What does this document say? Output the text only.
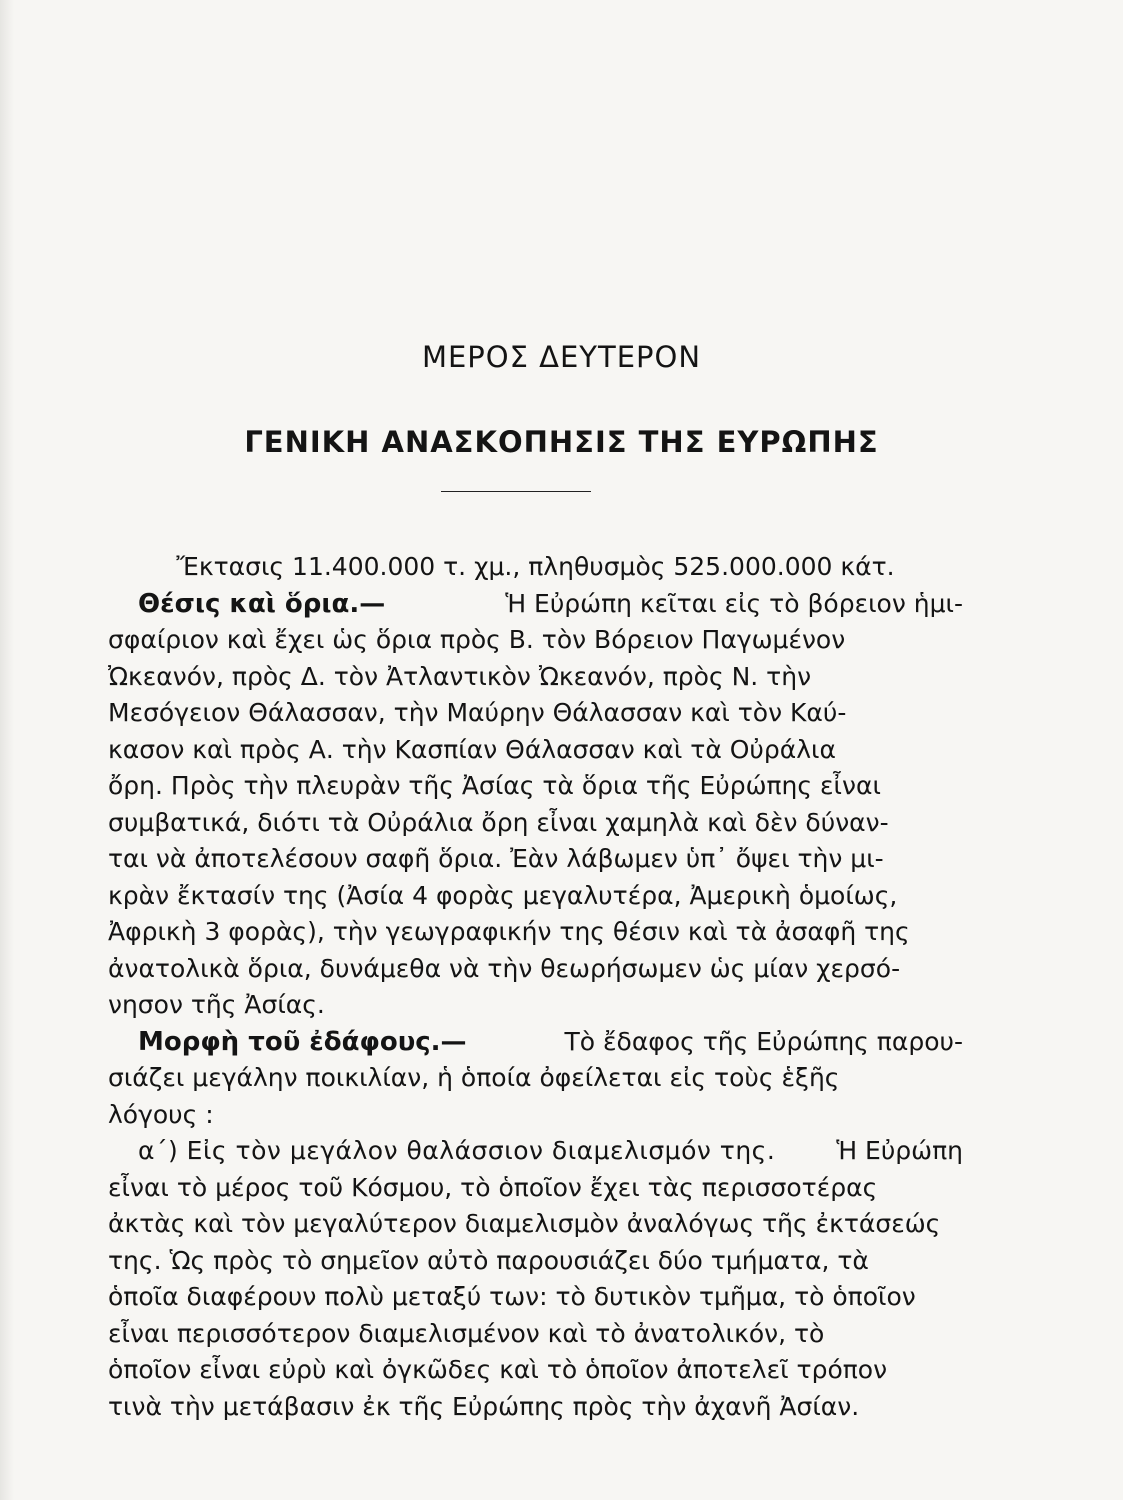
ΜΕΡΟΣ ΔΕΥΤΕΡΟΝ
ΓΕΝΙΚΗ ΑΝΑΣΚΟΠΗΣΙΣ ΤΗΣ ΕΥΡΩΠΗΣ
Ἔκτασις 11.400.000 τ. χμ., πληθυσμὸς 525.000.000 κάτ.
Θέσις καὶ ὅρια.—	Ἡ Εὐρώπη κεῖται εἰς τὸ βόρειον ἡμι-
σφαίριον καὶ ἔχει ὡς ὅρια πρὸς Β. τὸν Βόρειον Παγωμένον
Ὠκεανόν, πρὸς Δ. τὸν Ἀτλαντικὸν Ὠκεανόν, πρὸς Ν. τὴν
Μεσόγειον Θάλασσαν, τὴν Μαύρην Θάλασσαν καὶ τὸν Καύ-
κασον καὶ πρὸς Α. τὴν Κασπίαν Θάλασσαν καὶ τὰ Οὐράλια
ὄρη. Πρὸς τὴν πλευρὰν τῆς Ἀσίας τὰ ὅρια τῆς Εὐρώπης εἶναι
συμβατικά, διότι τὰ Οὐράλια ὄρη εἶναι χαμηλὰ καὶ δὲν δύναν-
ται νὰ ἀποτελέσουν σαφῆ ὅρια. Ἐὰν λάβωμεν ὑπ᾽ ὄψει τὴν μι-
κρὰν ἔκτασίν της (Ἀσία 4 φορὰς μεγαλυτέρα, Ἀμερικὴ ὁμοίως,
Ἀφρικὴ 3 φορὰς), τὴν γεωγραφικήν της θέσιν καὶ τὰ ἀσαφῆ της
ἀνατολικὰ ὅρια, δυνάμεθα νὰ τὴν θεωρήσωμεν ὡς μίαν χερσό-
νησον τῆς Ἀσίας.
Μορφὴ τοῦ ἐδάφους.—	Τὸ ἔδαφος τῆς Εὐρώπης παρου-
σιάζει μεγάλην ποικιλίαν, ἡ ὁποία ὀφείλεται εἰς τοὺς ἑξῆς
λόγους :
α΄) Εἰς τὸν μεγάλον θαλάσσιον διαμελισμόν της. Ἡ Εὐρώπη
εἶναι τὸ μέρος τοῦ Κόσμου, τὸ ὁποῖον ἔχει τὰς περισσοτέρας
ἀκτὰς καὶ τὸν μεγαλύτερον διαμελισμὸν ἀναλόγως τῆς ἐκτάσεώς
της. Ὡς πρὸς τὸ σημεῖον αὐτὸ παρουσιάζει δύο τμήματα, τὰ
ὁποῖα διαφέρουν πολὺ μεταξύ των: τὸ δυτικὸν τμῆμα, τὸ ὁποῖον
εἶναι περισσότερον διαμελισμένον καὶ τὸ ἀνατολικόν, τὸ
ὁποῖον εἶναι εὐρὺ καὶ ὀγκῶδες καὶ τὸ ὁποῖον ἀποτελεῖ τρόπον
τινὰ τὴν μετάβασιν ἐκ τῆς Εὐρώπης πρὸς τὴν ἀχανῆ Ἀσίαν.
